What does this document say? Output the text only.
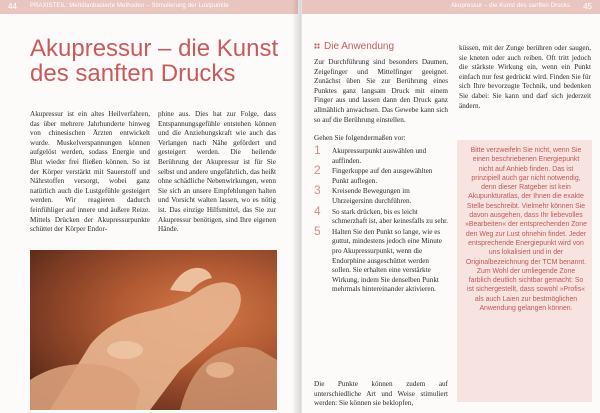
44 PRAXISTEIL: Meridianbasierte Methoden – Stimulierung der Lustpunkte
Akupressur – die Kunst
des sanften Drucks
Akupressur ist ein altes Heilverfahren, das über mehrere Jahrhunderte hinweg von chinesischen Ärzten entwickelt wurde. Muskelverspannungen können aufgelöst werden, sodass Energie und Blut wieder frei fließen können. So ist der Körper verstärkt mit Sauerstoff und Nährstoffen versorgt, wobei ganz natürlich auch die Lustgefühle gesteigert werden. Wir reagieren dadurch feinfühliger auf innere und äußere Reize. Mittels Drücken der Akupressurpunkte schüttet der Körper Endor-
phine aus. Dies hat zur Folge, dass Entspannungsgefühle entstehen können und die Anziehungskraft wie auch das Verlangen nach Nähe gefördert und gesteigert werden. Die heilende Berührung der Akupressur ist für Sie selbst und andere ungefährlich, das heißt ohne schädliche Nebenwirkungen, wenn Sie sich an unsere Empfehlungen halten und Vorsicht walten lassen, wo es nötig ist. Das einzige Hilfsmittel, das Sie zur Akupressur benötigen, sind Ihre eigenen Hände.
Akupressur – die Kunst des sanften Drucks 45
Die Anwendung
Zur Durchführung sind besonders Daumen, Zeigefinger und Mittelfinger geeignet. Zunächst üben Sie zur Berührung eines Punktes ganz langsam Druck mit einem Finger aus und lassen dann den Druck ganz allmählich anwachsen. Das Gewebe kann sich so auf die Berührung einstellen.
Gehen Sie folgendermaßen vor:
1 Akupressurpunkt auswählen und auffinden.
2 Fingerkuppe auf den ausgewählten Punkt auflegen.
3 Kreisende Bewegungen im Uhrzeigersinn durchführen.
4 So stark drücken, bis es leicht schmerzhaft ist, aber keinesfalls zu sehr.
5 Halten Sie den Punkt so lange, wie es guttut, mindestens jedoch eine Minute pro Akupressurpunkt, wenn die Endorphine ausgeschüttet werden sollen. Sie erhalten eine verstärkte Wirkung, indem Sie denselben Punkt mehrmals hintereinander aktivieren.
Die Punkte können zudem auf unterschiedliche Art und Weise stimuliert werden: Sie können sie beklopfen,
küssen, mit der Zunge berühren oder saugen, sie kneten oder auch reiben. Oft tritt jedoch die stärkste Wirkung ein, wenn ein Punkt einfach nur fest gedrückt wird. Finden Sie für sich Ihre bevorzugte Technik, und bedenken Sie dabei: Sie kann und darf sich jederzeit ändern.
Bitte verzweifeln Sie nicht, wenn Sie einen beschriebenen Energiepunkt nicht auf Anhieb finden. Das ist prinzipiell auch gar nicht notwendig, denn dieser Ratgeber ist kein Akupunkturatlas, der Ihnen die exakte Stelle beschreibt. Vielmehr können Sie davon ausgehen, dass Ihr liebevolles »Bearbeiten« der entsprechenden Zone den Weg zur Lust ohnehin findet. Jeder entsprechende Energiepunkt wird von uns lokalisiert und in der Originalbezeichnung der TCM benannt. Zum Wohl der umliegende Zone farblich deutlich sichtbar gemacht: So ist sichergestellt, dass sowohl »Profis« als auch Laien zur bestmöglichen Anwendung gelangen können.
